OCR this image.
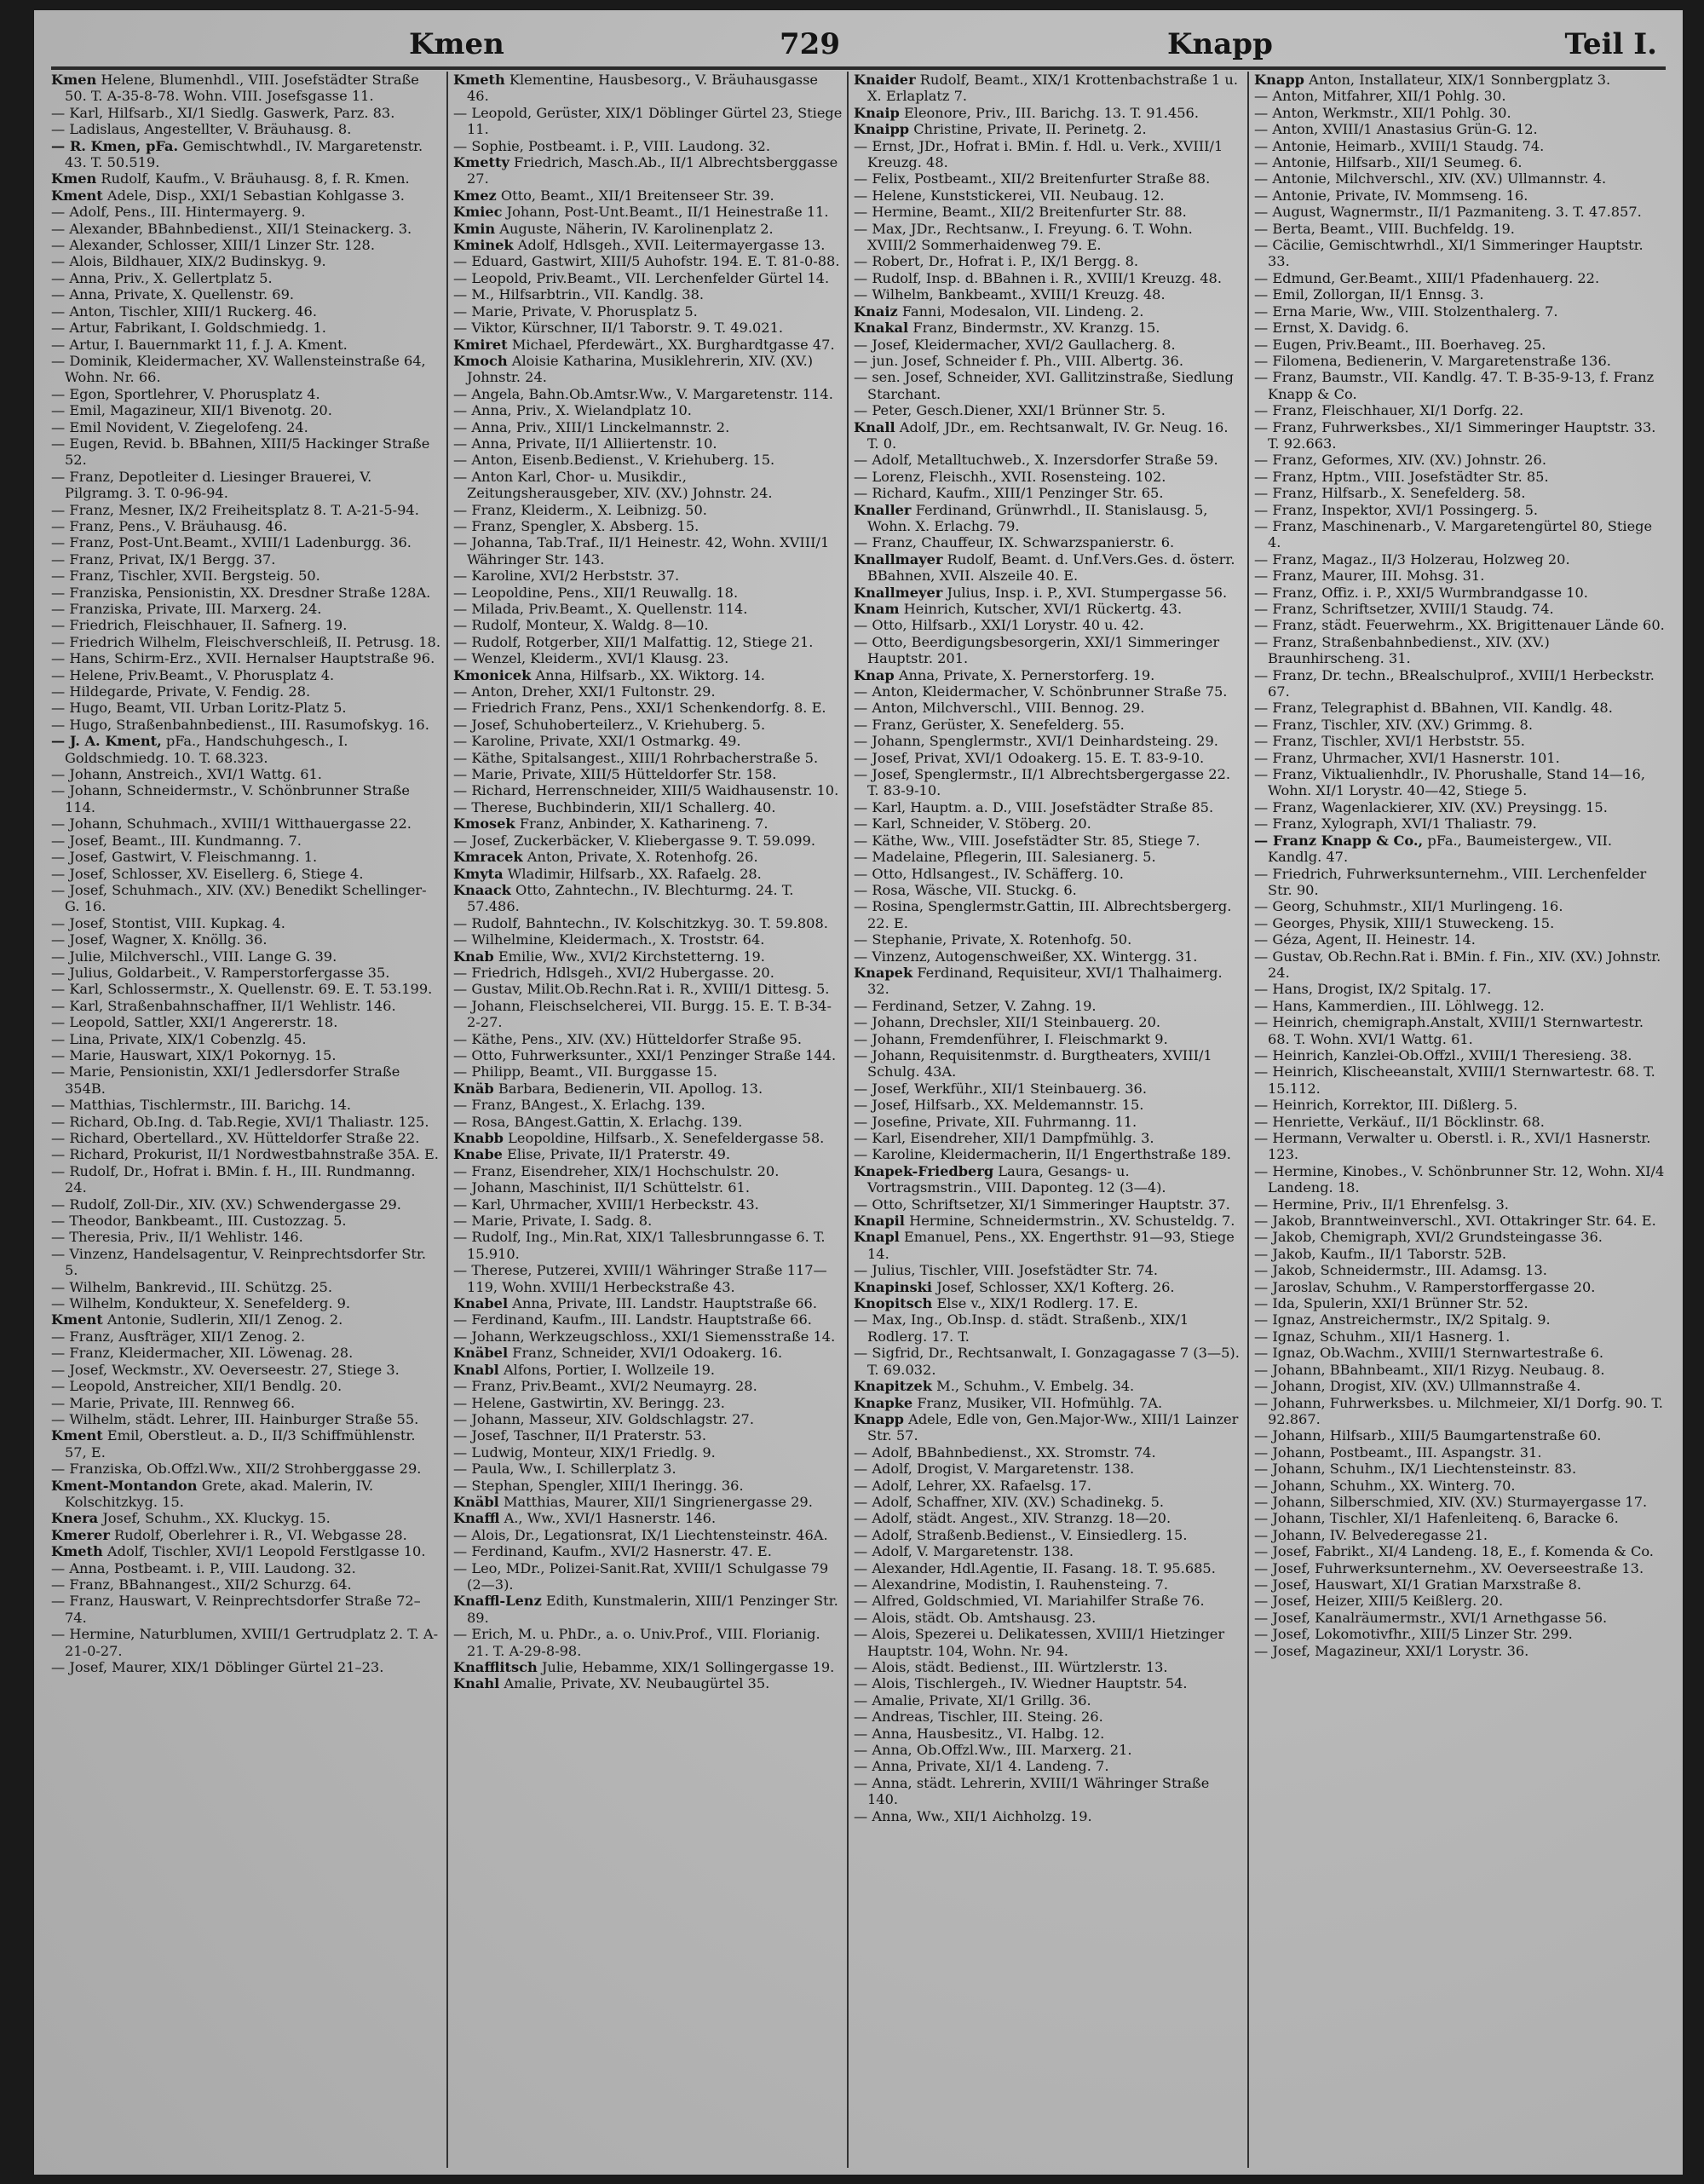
Kmen	729	Knapp	Teil I.

Kmen Helene, Blumenhdl., VIII. Josefstädter Straße 50. T. A-35-8-78. Wohn. VIII. Josefsgasse 11.

— Karl, Hilfsarb., XI/1 Siedlg. Gaswerk, Parz. 83.

— Ladislaus, Angestellter, V. Bräuhausg. 8.

— R. Kmen, pFa. Gemischtwhdl., IV. Margaretenstr. 43. T. 50.519.

Kmen Rudolf, Kaufm., V. Bräuhausg. 8, f. R. Kmen.

Kment Adele, Disp., XXI/1 Sebastian Kohlgasse 3.

— Adolf, Pens., III. Hintermayerg. 9.

— Alexander, BBahnbedienst., XII/1 Steinackerg. 3.

— Alexander, Schlosser, XIII/1 Linzer Str. 128.

— Alois, Bildhauer, XIX/2 Budinskyg. 9.

— Anna, Priv., X. Gellertplatz 5.

— Anna, Private, X. Quellenstr. 69.

— Anton, Tischler, XIII/1 Ruckerg. 46.

— Artur, Fabrikant, I. Goldschmiedg. 1.

— Artur, I. Bauernmarkt 11, f. J. A. Kment.

— Dominik, Kleidermacher, XV. Wallensteinstraße 64, Wohn. Nr. 66.

— Egon, Sportlehrer, V. Phorusplatz 4.

— Emil, Magazineur, XII/1 Bivenotg. 20.

— Emil Novident, V. Ziegelofeng. 24.

— Eugen, Revid. b. BBahnen, XIII/5 Hackinger Straße 52.

— Franz, Depotleiter d. Liesinger Brauerei, V. Pilgramg. 3. T. 0-96-94.

— Franz, Mesner, IX/2 Freiheitsplatz 8. T. A-21-5-94.

— Franz, Pens., V. Bräuhausg. 46.

— Franz, Post-Unt.Beamt., XVIII/1 Ladenburgg. 36.

— Franz, Privat, IX/1 Bergg. 37.

— Franz, Tischler, XVII. Bergsteig. 50.

— Franziska, Pensionistin, XX. Dresdner Straße 128A.

— Franziska, Private, III. Marxerg. 24.

— Friedrich, Fleischhauer, II. Safnerg. 19.

— Friedrich Wilhelm, Fleischverschleiß, II. Petrusg. 18.

— Hans, Schirm-Erz., XVII. Hernalser Hauptstraße 96.

— Helene, Priv.Beamt., V. Phorusplatz 4.

— Hildegarde, Private, V. Fendig. 28.

— Hugo, Beamt, VII. Urban Loritz-Platz 5.

— Hugo, Straßenbahnbedienst., III. Rasumofskyg. 16.

— J. A. Kment, pFa., Handschuhgesch., I. Goldschmiedg. 10. T. 68.323.

— Johann, Anstreich., XVI/1 Wattg. 61.

— Johann, Schneidermstr., V. Schönbrunner Straße 114.

— Johann, Schuhmach., XVIII/1 Witthauergasse 22.

— Josef, Beamt., III. Kundmanng. 7.

— Josef, Gastwirt, V. Fleischmanng. 1.

— Josef, Schlosser, XV. Eisellerg. 6, Stiege 4.

— Josef, Schuhmach., XIV. (XV.) Benedikt Schellinger-G. 16.

— Josef, Stontist, VIII. Kupkag. 4.

— Josef, Wagner, X. Knöllg. 36.

— Julie, Milchverschl., VIII. Lange G. 39.

— Julius, Goldarbeit., V. Ramperstorfergasse 35.

— Karl, Schlossermstr., X. Quellenstr. 69. E. T. 53.199.

— Karl, Straßenbahnschaffner, II/1 Wehlistr. 146.

— Leopold, Sattler, XXI/1 Angererstr. 18.

— Lina, Private, XIX/1 Cobenzlg. 45.

— Marie, Hauswart, XIX/1 Pokornyg. 15.

— Marie, Pensionistin, XXI/1 Jedlersdorfer Straße 354B.

— Matthias, Tischlermstr., III. Barichg. 14.

— Richard, Ob.Ing. d. Tab.Regie, XVI/1 Thaliastr. 125.

— Richard, Obertellard., XV. Hütteldorfer Straße 22.

— Richard, Prokurist, II/1 Nordwestbahnstraße 35A. E.

— Rudolf, Dr., Hofrat i. BMin. f. H., III. Rundmanng. 24.

— Rudolf, Zoll-Dir., XIV. (XV.) Schwendergasse 29.

— Theodor, Bankbeamt., III. Custozzag. 5.

— Theresia, Priv., II/1 Wehlistr. 146.

— Vinzenz, Handelsagentur, V. Reinprechtsdorfer Str. 5.

— Wilhelm, Bankrevid., III. Schützg. 25.

— Wilhelm, Kondukteur, X. Senefelderg. 9.

Kment Antonie, Sudlerin, XII/1 Zenog. 2.

— Franz, Ausfträger, XII/1 Zenog. 2.

— Franz, Kleidermacher, XII. Löwenag. 28.

— Josef, Weckmstr., XV. Oeverseestr. 27, Stiege 3.

— Leopold, Anstreicher, XII/1 Bendlg. 20.

— Marie, Private, III. Rennweg 66.

— Wilhelm, städt. Lehrer, III. Hainburger Straße 55.

Kment Emil, Oberstleut. a. D., II/3 Schiffmühlenstr. 57, E.

— Franziska, Ob.Offzl.Ww., XII/2 Strohberggasse 29.

Kment-Montandon Grete, akad. Malerin, IV. Kolschitzkyg. 15.

Knera Josef, Schuhm., XX. Kluckyg. 15.

Kmerer Rudolf, Oberlehrer i. R., VI. Webgasse 28.

Kmeth Adolf, Tischler, XVI/1 Leopold Ferstlgasse 10.

— Anna, Postbeamt. i. P., VIII. Laudong. 32.

— Franz, BBahnangest., XII/2 Schurzg. 64.

— Franz, Hauswart, V. Reinprechtsdorfer Straße 72–74.

— Hermine, Naturblumen, XVIII/1 Gertrudplatz 2. T. A-21-0-27.

— Josef, Maurer, XIX/1 Döblinger Gürtel 21–23.

Kmeth Klementine, Hausbesorg., V. Bräuhausgasse 46.

— Leopold, Gerüster, XIX/1 Döblinger Gürtel 23, Stiege 11.

— Sophie, Postbeamt. i. P., VIII. Laudong. 32.

Kmetty Friedrich, Masch.Ab., II/1 Albrechtsberggasse 27.

Kmez Otto, Beamt., XII/1 Breitenseer Str. 39.

Kmiec Johann, Post-Unt.Beamt., II/1 Heinestraße 11.

Kmin Auguste, Näherin, IV. Karolinenplatz 2.

Kminek Adolf, Hdlsgeh., XVII. Leitermayergasse 13.

— Eduard, Gastwirt, XIII/5 Auhofstr. 194. E. T. 81-0-88.

— Leopold, Priv.Beamt., VII. Lerchenfelder Gürtel 14.

— M., Hilfsarbtrin., VII. Kandlg. 38.

— Marie, Private, V. Phorusplatz 5.

— Viktor, Kürschner, II/1 Taborstr. 9. T. 49.021.

Kmiret Michael, Pferdewärt., XX. Burghardtgasse 47.

Kmoch Aloisie Katharina, Musiklehrerin, XIV. (XV.) Johnstr. 24.

— Angela, Bahn.Ob.Amtsr.Ww., V. Margaretenstr. 114.

— Anna, Priv., X. Wielandplatz 10.

— Anna, Priv., XIII/1 Linckelmannstr. 2.

— Anna, Private, II/1 Alliiertenstr. 10.

— Anton, Eisenb.Bedienst., V. Kriehuberg. 15.

— Anton Karl, Chor- u. Musikdir., Zeitungsherausgeber, XIV. (XV.) Johnstr. 24.

— Franz, Kleiderm., X. Leibnizg. 50.

— Franz, Spengler, X. Absberg. 15.

— Johanna, Tab.Traf., II/1 Heinestr. 42, Wohn. XVIII/1 Währinger Str. 143.

— Karoline, XVI/2 Herbststr. 37.

— Leopoldine, Pens., XII/1 Reuwallg. 18.

— Milada, Priv.Beamt., X. Quellenstr. 114.

— Rudolf, Monteur, X. Waldg. 8—10.

— Rudolf, Rotgerber, XII/1 Malfattig. 12, Stiege 21.

— Wenzel, Kleiderm., XVI/1 Klausg. 23.

Kmonicek Anna, Hilfsarb., XX. Wiktorg. 14.

— Anton, Dreher, XXI/1 Fultonstr. 29.

— Friedrich Franz, Pens., XXI/1 Schenkendorfg. 8. E.

— Josef, Schuhoberteilerz., V. Kriehuberg. 5.

— Karoline, Private, XXI/1 Ostmarkg. 49.

— Käthe, Spitalsangest., XIII/1 Rohrbacherstraße 5.

— Marie, Private, XIII/5 Hütteldorfer Str. 158.

— Richard, Herrenschneider, XIII/5 Waidhausenstr. 10.

— Therese, Buchbinderin, XII/1 Schallerg. 40.

Kmosek Franz, Anbinder, X. Katharineng. 7.

— Josef, Zuckerbäcker, V. Kliebergasse 9. T. 59.099.

Kmracek Anton, Private, X. Rotenhofg. 26.

Kmyta Wladimir, Hilfsarb., XX. Rafaelg. 28.

Knaack Otto, Zahntechn., IV. Blechturmg. 24. T. 57.486.

— Rudolf, Bahntechn., IV. Kolschitzkyg. 30. T. 59.808.

— Wilhelmine, Kleidermach., X. Troststr. 64.

Knab Emilie, Ww., XVI/2 Kirchstetterng. 19.

— Friedrich, Hdlsgeh., XVI/2 Hubergasse. 20.

— Gustav, Milit.Ob.Rechn.Rat i. R., XVIII/1 Dittesg. 5.

— Johann, Fleischselcherei, VII. Burgg. 15. E. T. B-34-2-27.

— Käthe, Pens., XIV. (XV.) Hütteldorfer Straße 95.

— Otto, Fuhrwerksunter., XXI/1 Penzinger Straße 144.

— Philipp, Beamt., VII. Burggasse 15.

Knäb Barbara, Bedienerin, VII. Apollog. 13.

— Franz, BAngest., X. Erlachg. 139.

— Rosa, BAngest.Gattin, X. Erlachg. 139.

Knabb Leopoldine, Hilfsarb., X. Senefeldergasse 58.

Knabe Elise, Private, II/1 Praterstr. 49.

— Franz, Eisendreher, XIX/1 Hochschulstr. 20.

— Johann, Maschinist, II/1 Schüttelstr. 61.

— Karl, Uhrmacher, XVIII/1 Herbeckstr. 43.

— Marie, Private, I. Sadg. 8.

— Rudolf, Ing., Min.Rat, XIX/1 Tallesbrunngasse 6. T. 15.910.

— Therese, Putzerei, XVIII/1 Währinger Straße 117—119, Wohn. XVIII/1 Herbeckstraße 43.

Knabel Anna, Private, III. Landstr. Hauptstraße 66.

— Ferdinand, Kaufm., III. Landstr. Hauptstraße 66.

— Johann, Werkzeugschloss., XXI/1 Siemensstraße 14.

Knäbel Franz, Schneider, XVI/1 Odoakerg. 16.

Knabl Alfons, Portier, I. Wollzeile 19.

— Franz, Priv.Beamt., XVI/2 Neumayrg. 28.

— Helene, Gastwirtin, XV. Beringg. 23.

— Johann, Masseur, XIV. Goldschlagstr. 27.

— Josef, Taschner, II/1 Praterstr. 53.

— Ludwig, Monteur, XIX/1 Friedlg. 9.

— Paula, Ww., I. Schillerplatz 3.

— Stephan, Spengler, XIII/1 Iheringg. 36.

Knäbl Matthias, Maurer, XII/1 Singrienergasse 29.

Knaffl A., Ww., XVI/1 Hasnerstr. 146.

— Alois, Dr., Legationsrat, IX/1 Liechtensteinstr. 46A.

— Ferdinand, Kaufm., XVI/2 Hasnerstr. 47. E.

— Leo, MDr., Polizei-Sanit.Rat, XVIII/1 Schulgasse 79 (2—3).

Knaffl-Lenz Edith, Kunstmalerin, XIII/1 Penzinger Str. 89.

— Erich, M. u. PhDr., a. o. Univ.Prof., VIII. Florianig. 21. T. A-29-8-98.

Knafflitsch Julie, Hebamme, XIX/1 Sollingergasse 19.

Knahl Amalie, Private, XV. Neubaugürtel 35.

Knaider Rudolf, Beamt., XIX/1 Krottenbachstraße 1 u. X. Erlaplatz 7.

Knaip Eleonore, Priv., III. Barichg. 13. T. 91.456.

Knaipp Christine, Private, II. Perinetg. 2.

— Ernst, JDr., Hofrat i. BMin. f. Hdl. u. Verk., XVIII/1 Kreuzg. 48.

— Felix, Postbeamt., XII/2 Breitenfurter Straße 88.

— Helene, Kunststickerei, VII. Neubaug. 12.

— Hermine, Beamt., XII/2 Breitenfurter Str. 88.

— Max, JDr., Rechtsanw., I. Freyung. 6. T. Wohn. XVIII/2 Sommerhaidenweg 79. E.

— Robert, Dr., Hofrat i. P., IX/1 Bergg. 8.

— Rudolf, Insp. d. BBahnen i. R., XVIII/1 Kreuzg. 48.

— Wilhelm, Bankbeamt., XVIII/1 Kreuzg. 48.

Knaiz Fanni, Modesalon, VII. Lindeng. 2.

Knakal Franz, Bindermstr., XV. Kranzg. 15.

— Josef, Kleidermacher, XVI/2 Gaullacherg. 8.

— jun. Josef, Schneider f. Ph., VIII. Albertg. 36.

— sen. Josef, Schneider, XVI. Gallitzinstraße, Siedlung Starchant.

— Peter, Gesch.Diener, XXI/1 Brünner Str. 5.

Knall Adolf, JDr., em. Rechtsanwalt, IV. Gr. Neug. 16. T. 0.

— Adolf, Metalltuchweb., X. Inzersdorfer Straße 59.

— Lorenz, Fleischh., XVII. Rosensteing. 102.

— Richard, Kaufm., XIII/1 Penzinger Str. 65.

Knaller Ferdinand, Grünwrhdl., II. Stanislausg. 5, Wohn. X. Erlachg. 79.

— Franz, Chauffeur, IX. Schwarzspanierstr. 6.

Knallmayer Rudolf, Beamt. d. Unf.Vers.Ges. d. österr. BBahnen, XVII. Alszeile 40. E.

Knallmeyer Julius, Insp. i. P., XVI. Stumpergasse 56.

Knam Heinrich, Kutscher, XVI/1 Rückertg. 43.

— Otto, Hilfsarb., XXI/1 Lorystr. 40 u. 42.

— Otto, Beerdigungsbesorgerin, XXI/1 Simmeringer Hauptstr. 201.

Knap Anna, Private, X. Pernerstorferg. 19.

— Anton, Kleidermacher, V. Schönbrunner Straße 75.

— Anton, Milchverschl., VIII. Bennog. 29.

— Franz, Gerüster, X. Senefelderg. 55.

— Johann, Spenglermstr., XVI/1 Deinhardsteing. 29.

— Josef, Privat, XVI/1 Odoakerg. 15. E. T. 83-9-10.

— Josef, Spenglermstr., II/1 Albrechtsbergergasse 22. T. 83-9-10.

— Karl, Hauptm. a. D., VIII. Josefstädter Straße 85.

— Karl, Schneider, V. Stöberg. 20.

— Käthe, Ww., VIII. Josefstädter Str. 85, Stiege 7.

— Madelaine, Pflegerin, III. Salesianerg. 5.

— Otto, Hdlsangest., IV. Schäfferg. 10.

— Rosa, Wäsche, VII. Stuckg. 6.

— Rosina, Spenglermstr.Gattin, III. Albrechtsbergerg. 22. E.

— Stephanie, Private, X. Rotenhofg. 50.

— Vinzenz, Autogenschweißer, XX. Wintergg. 31.

Knapek Ferdinand, Requisiteur, XVI/1 Thalhaimerg. 32.

— Ferdinand, Setzer, V. Zahng. 19.

— Johann, Drechsler, XII/1 Steinbauerg. 20.

— Johann, Fremdenführer, I. Fleischmarkt 9.

— Johann, Requisitenmstr. d. Burgtheaters, XVIII/1 Schulg. 43A.

— Josef, Werkführ., XII/1 Steinbauerg. 36.

— Josef, Hilfsarb., XX. Meldemannstr. 15.

— Josefine, Private, XII. Fuhrmanng. 11.

— Karl, Eisendreher, XII/1 Dampfmühlg. 3.

— Karoline, Kleidermacherin, II/1 Engerthstraße 189.

Knapek-Friedberg Laura, Gesangs- u. Vortragsmstrin., VIII. Daponteg. 12 (3—4).

— Otto, Schriftsetzer, XI/1 Simmeringer Hauptstr. 37.

Knapil Hermine, Schneidermstrin., XV. Schusteldg. 7.

Knapl Emanuel, Pens., XX. Engerthstr. 91—93, Stiege 14.

— Julius, Tischler, VIII. Josefstädter Str. 74.

Knapinski Josef, Schlosser, XX/1 Kofterg. 26.

Knopitsch Else v., XIX/1 Rodlerg. 17. E.

— Max, Ing., Ob.Insp. d. städt. Straßenb., XIX/1 Rodlerg. 17. T.

— Sigfrid, Dr., Rechtsanwalt, I. Gonzagagasse 7 (3—5). T. 69.032.

Knapitzek M., Schuhm., V. Embelg. 34.

Knapke Franz, Musiker, VII. Hofmühlg. 7A.

Knapp Adele, Edle von, Gen.Major-Ww., XIII/1 Lainzer Str. 57.

— Adolf, BBahnbedienst., XX. Stromstr. 74.

— Adolf, Drogist, V. Margaretenstr. 138.

— Adolf, Lehrer, XX. Rafaelsg. 17.

— Adolf, Schaffner, XIV. (XV.) Schadinekg. 5.

— Adolf, städt. Angest., XIV. Stranzg. 18—20.

— Adolf, Straßenb.Bedienst., V. Einsiedlerg. 15.

— Adolf, V. Margaretenstr. 138.

— Alexander, Hdl.Agentie, II. Fasang. 18. T. 95.685.

— Alexandrine, Modistin, I. Rauhensteing. 7.

— Alfred, Goldschmied, VI. Mariahilfer Straße 76.

— Alois, städt. Ob. Amtshausg. 23.

— Alois, Spezerei u. Delikatessen, XVIII/1 Hietzinger Hauptstr. 104, Wohn. Nr. 94.

— Alois, städt. Bedienst., III. Würtzlerstr. 13.

— Alois, Tischlergeh., IV. Wiedner Hauptstr. 54.

— Amalie, Private, XI/1 Grillg. 36.

— Andreas, Tischler, III. Steing. 26.

— Anna, Hausbesitz., VI. Halbg. 12.

— Anna, Ob.Offzl.Ww., III. Marxerg. 21.

— Anna, Private, XI/1 4. Landeng. 7.

— Anna, städt. Lehrerin, XVIII/1 Währinger Straße 140.

— Anna, Ww., XII/1 Aichholzg. 19.

Knapp Anton, Installateur, XIX/1 Sonnbergplatz 3.

— Anton, Mitfahrer, XII/1 Pohlg. 30.

— Anton, Werkmstr., XII/1 Pohlg. 30.

— Anton, XVIII/1 Anastasius Grün-G. 12.

— Antonie, Heimarb., XVIII/1 Staudg. 74.

— Antonie, Hilfsarb., XII/1 Seumeg. 6.

— Antonie, Milchverschl., XIV. (XV.) Ullmannstr. 4.

— Antonie, Private, IV. Mommseng. 16.

— August, Wagnermstr., II/1 Pazmaniteng. 3. T. 47.857.

— Berta, Beamt., VIII. Buchfeldg. 19.

— Cäcilie, Gemischtwrhdl., XI/1 Simmeringer Hauptstr. 33.

— Edmund, Ger.Beamt., XIII/1 Pfadenhauerg. 22.

— Emil, Zollorgan, II/1 Ennsg. 3.

— Erna Marie, Ww., VIII. Stolzenthalerg. 7.

— Ernst, X. Davidg. 6.

— Eugen, Priv.Beamt., III. Boerhaveg. 25.

— Filomena, Bedienerin, V. Margaretenstraße 136.

— Franz, Baumstr., VII. Kandlg. 47. T. B-35-9-13, f. Franz Knapp & Co.

— Franz, Fleischhauer, XI/1 Dorfg. 22.

— Franz, Fuhrwerksbes., XI/1 Simmeringer Hauptstr. 33. T. 92.663.

— Franz, Geformes, XIV. (XV.) Johnstr. 26.

— Franz, Hptm., VIII. Josefstädter Str. 85.

— Franz, Hilfsarb., X. Senefelderg. 58.

— Franz, Inspektor, XVI/1 Possingerg. 5.

— Franz, Maschinenarb., V. Margaretengürtel 80, Stiege 4.

— Franz, Magaz., II/3 Holzerau, Holzweg 20.

— Franz, Maurer, III. Mohsg. 31.

— Franz, Offiz. i. P., XXI/5 Wurmbrandgasse 10.

— Franz, Schriftsetzer, XVIII/1 Staudg. 74.

— Franz, städt. Feuerwehrm., XX. Brigittenauer Lände 60.

— Franz, Straßenbahnbedienst., XIV. (XV.) Braunhirscheng. 31.

— Franz, Dr. techn., BRealschulprof., XVIII/1 Herbeckstr. 67.

— Franz, Telegraphist d. BBahnen, VII. Kandlg. 48.

— Franz, Tischler, XIV. (XV.) Grimmg. 8.

— Franz, Tischler, XVI/1 Herbststr. 55.

— Franz, Uhrmacher, XVI/1 Hasnerstr. 101.

— Franz, Viktualienhdlr., IV. Phorushalle, Stand 14—16, Wohn. XI/1 Lorystr. 40—42, Stiege 5.

— Franz, Wagenlackierer, XIV. (XV.) Preysingg. 15.

— Franz, Xylograph, XVI/1 Thaliastr. 79.

— Franz Knapp & Co., pFa., Baumeistergew., VII. Kandlg. 47.

— Friedrich, Fuhrwerksunternehm., VIII. Lerchenfelder Str. 90.

— Georg, Schuhmstr., XII/1 Murlingeng. 16.

— Georges, Physik, XIII/1 Stuweckeng. 15.

— Géza, Agent, II. Heinestr. 14.

— Gustav, Ob.Rechn.Rat i. BMin. f. Fin., XIV. (XV.) Johnstr. 24.

— Hans, Drogist, IX/2 Spitalg. 17.

— Hans, Kammerdien., III. Löhlwegg. 12.

— Heinrich, chemigraph.Anstalt, XVIII/1 Sternwartestr. 68. T. Wohn. XVI/1 Wattg. 61.

— Heinrich, Kanzlei-Ob.Offzl., XVIII/1 Theresieng. 38.

— Heinrich, Klischeeanstalt, XVIII/1 Sternwartestr. 68. T. 15.112.

— Heinrich, Korrektor, III. Dißlerg. 5.

— Henriette, Verkäuf., II/1 Böcklinstr. 68.

— Hermann, Verwalter u. Oberstl. i. R., XVI/1 Hasnerstr. 123.

— Hermine, Kinobes., V. Schönbrunner Str. 12, Wohn. XI/4 Landeng. 18.

— Hermine, Priv., II/1 Ehrenfelsg. 3.

— Jakob, Branntweinverschl., XVI. Ottakringer Str. 64. E.

— Jakob, Chemigraph, XVI/2 Grundsteingasse 36.

— Jakob, Kaufm., II/1 Taborstr. 52B.

— Jakob, Schneidermstr., III. Adamsg. 13.

— Jaroslav, Schuhm., V. Ramperstorffergasse 20.

— Ida, Spulerin, XXI/1 Brünner Str. 52.

— Ignaz, Anstreichermstr., IX/2 Spitalg. 9.

— Ignaz, Schuhm., XII/1 Hasnerg. 1.

— Ignaz, Ob.Wachm., XVIII/1 Sternwartestraße 6.

— Johann, BBahnbeamt., XII/1 Rizyg. Neubaug. 8.

— Johann, Drogist, XIV. (XV.) Ullmannstraße 4.

— Johann, Fuhrwerksbes. u. Milchmeier, XI/1 Dorfg. 90. T. 92.867.

— Johann, Hilfsarb., XIII/5 Baumgartenstraße 60.

— Johann, Postbeamt., III. Aspangstr. 31.

— Johann, Schuhm., IX/1 Liechtensteinstr. 83.

— Johann, Schuhm., XX. Winterg. 70.

— Johann, Silberschmied, XIV. (XV.) Sturmayergasse 17.

— Johann, Tischler, XI/1 Hafenleitenq. 6, Baracke 6.

— Johann, IV. Belvederegasse 21.

— Josef, Fabrikt., XI/4 Landeng. 18, E., f. Komenda & Co.

— Josef, Fuhrwerksunternehm., XV. Oeverseestraße 13.

— Josef, Hauswart, XI/1 Gratian Marxstraße 8.

— Josef, Heizer, XIII/5 Keißlerg. 20.

— Josef, Kanalräumermstr., XVI/1 Arnethgasse 56.

— Josef, Lokomotivfhr., XIII/5 Linzer Str. 299.

— Josef, Magazineur, XXI/1 Lorystr. 36.
